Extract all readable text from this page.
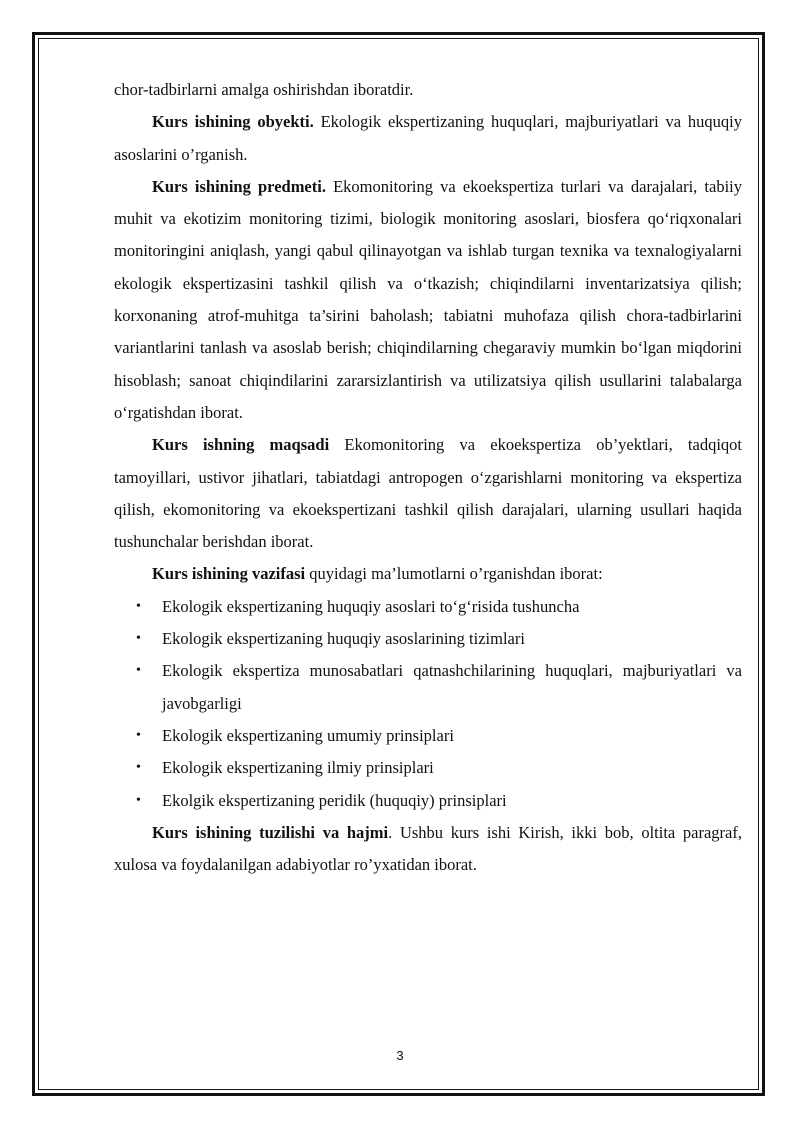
chor-tadbirlarni amalga oshirishdan iboratdir.

Kurs ishining obyekti. Ekologik ekspertizaning huquqlari, majburiyatlari va huquqiy asoslarini o’rganish.

Kurs ishining predmeti. Ekomonitoring va ekoekspertiza turlari va darajalari, tabiiy muhit va ekotizim monitoring tizimi, biologik monitoring asoslari, biosfera qo‘riqxonalari monitoringini aniqlash, yangi qabul qilinayotgan va ishlab turgan texnika va texnalogiyalarni ekologik ekspertizasini tashkil qilish va o‘tkazish; chiqindilarni inventarizatsiya qilish; korxonaning atrof-muhitga ta’sirini baholash; tabiatni muhofaza qilish chora-tadbirlarini variantlarini tanlash va asoslab berish; chiqindilarning chegaraviy mumkin bo‘lgan miqdorini hisoblash; sanoat chiqindilarini zararsizlantirish va utilizatsiya qilish usullarini talabalarga o‘rgatishdan iborat.

Kurs ishning maqsadi Ekomonitoring va ekoekspertiza ob’yektlari, tadqiqot tamoyillari, ustivor jihatlari, tabiatdagi antropogen o‘zgarishlarni monitoring va ekspertiza qilish, ekomonitoring va ekoekspertizani tashkil qilish darajalari, ularning usullari haqida tushunchalar berishdan iborat.

Kurs ishining vazifasi quyidagi ma’lumotlarni o’rganishdan iborat:

• Ekologik ekspertizaning huquqiy asoslari to‘g‘risida tushuncha
• Ekologik ekspertizaning huquqiy asoslarining tizimlari
• Ekologik ekspertiza munosabatlari qatnashchilarining huquqlari, majburiyatlari va javobgarligi
• Ekologik ekspertizaning umumiy prinsiplari
• Ekologik ekspertizaning ilmiy prinsiplari
• Ekolgik ekspertizaning peridik (huquqiy) prinsiplari

Kurs ishining tuzilishi va hajmi. Ushbu kurs ishi Kirish, ikki bob, oltita paragraf, xulosa va foydalanilgan adabiyotlar ro’yxatidan iborat.

3
